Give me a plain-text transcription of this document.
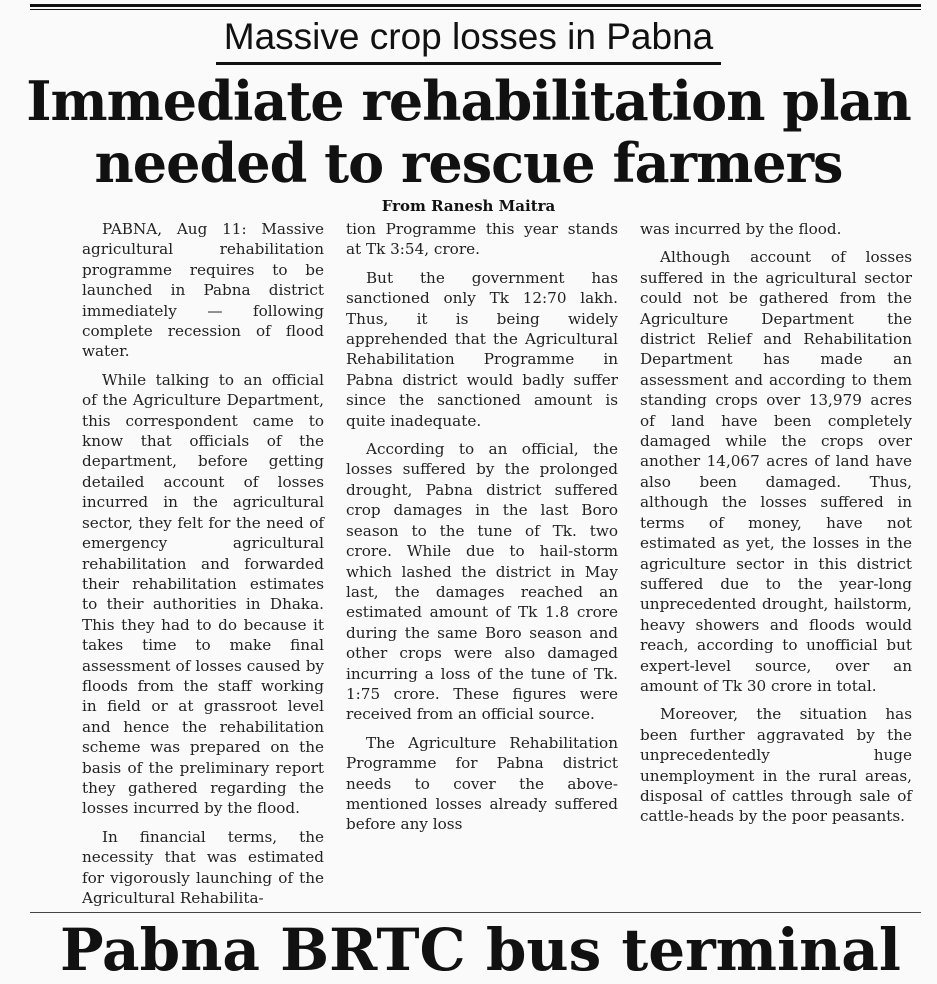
Massive crop losses in Pabna
Immediate rehabilitation plan needed to rescue farmers
From Ranesh Maitra

PABNA, Aug 11: Massive agricultural rehabilitation programme requires to be launched in Pabna district immediately — following complete recession of flood water.

While talking to an official of the Agriculture Department, this correspondent came to know that officials of the department, before getting detailed account of losses incurred in the agricultural sector, they felt for the need of emergency agricultural rehabilitation and forwarded their rehabilitation estimates to their authorities in Dhaka. This they had to do because it takes time to make final assessment of losses caused by floods from the staff working in field or at grassroot level and hence the rehabilitation scheme was prepared on the basis of the preliminary report they gathered regarding the losses incurred by the flood.

In financial terms, the necessity that was estimated for vigorously launching of the Agricultural Rehabilita-

tion Programme this year stands at Tk 3:54, crore.

But the government has sanctioned only Tk 12:70 lakh. Thus, it is being widely apprehended that the Agricultural Rehabilitation Programme in Pabna district would badly suffer since the sanctioned amount is quite inadequate.

According to an official, the losses suffered by the prolonged drought, Pabna district suffered crop damages in the last Boro season to the tune of Tk. two crore. While due to hail-storm which lashed the district in May last, the damages reached an estimated amount of Tk 1.8 crore during the same Boro season and other crops were also damaged incurring a loss of the tune of Tk. 1:75 crore. These figures were received from an official source.

The Agriculture Rehabilitation Programme for Pabna district needs to cover the above-mentioned losses already suffered before any loss

was incurred by the flood.

Although account of losses suffered in the agricultural sector could not be gathered from the Agriculture Department the district Relief and Rehabilitation Department has made an assessment and according to them standing crops over 13,979 acres of land have been completely damaged while the crops over another 14,067 acres of land have also been damaged. Thus, although the losses suffered in terms of money, have not estimated as yet, the losses in the agriculture sector in this district suffered due to the year-long unprecedented drought, hailstorm, heavy showers and floods would reach, according to unofficial but expert-level source, over an amount of Tk 30 crore in total.

Moreover, the situation has been further aggravated by the unprecedentedly huge unemployment in the rural areas, disposal of cattles through sale of cattle-heads by the poor peasants.

Pabna BRTC bus terminal
